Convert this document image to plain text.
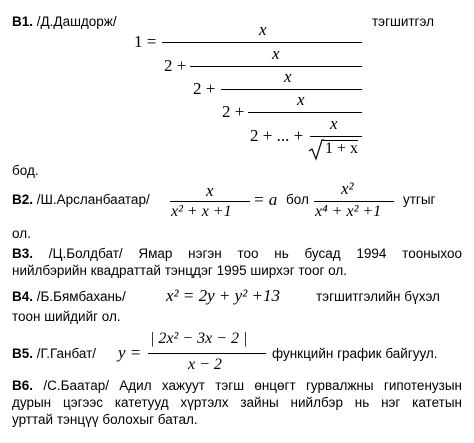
B1. /Д.Дашдорж/	тэгшитгэл
1 =
x
2 +
x
2 +
x
2 +
x
2 + ... +
x
1 + x
бод.
B2. /Ш.Арсланбаатар/	x
x² + x +1
= a бол
x²
x⁴ + x² +1
утгыг
ол.
B3. /Ц.Болдбат/ Ямар нэгэн тоо нь бусад 1994 тооныхоо
нийлбэрийн квадраттай тэнцдэг 1995 ширхэг тоог ол.
B4. /Б.Бямбахань/ x² = 2y + y² +13	тэгшитгэлийн бүхэл
тоон шийдийг ол.
B5. /Г.Ганбат/ y =
| 2x² − 3x − 2 |
x − 2
функцийн график байгуул.
B6. /С.Баатар/ Адил хажуут тэгш өнцөгт гурвалжны гипотенузын
дурын цэгээс катетууд хүртэлх зайны нийлбэр нь нэг катетын
урттай тэнцүү болохыг батал.
